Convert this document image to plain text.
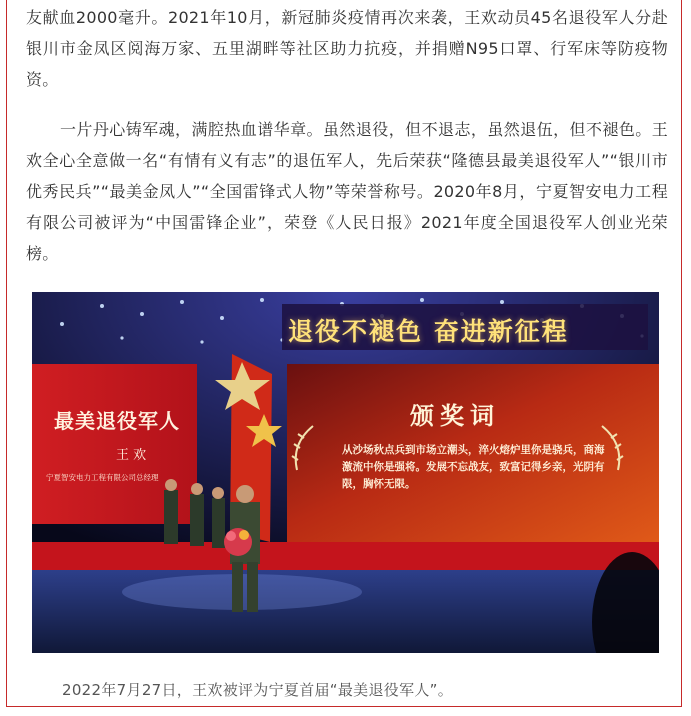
友献血2000毫升。2021年10月，新冠肺炎疫情再次来袭，王欢动员45名退役军人分赴银川市金凤区阅海万家、五里湖畔等社区助力抗疫，并捐赠N95口罩、行军床等防疫物资。

一片丹心铸军魂，满腔热血谱华章。虽然退役，但不退志，虽然退伍，但不褪色。王欢全心全意做一名“有情有义有志”的退伍军人，先后荣获“隆德县最美退役军人”“银川市优秀民兵”“最美金凤人”“全国雷锋式人物”等荣誉称号。2020年8月，宁夏智安电力工程有限公司被评为“中国雷锋企业”，荣登《人民日报》2021年度全国退役军人创业光荣榜。

退役不褪色 奋进新征程

最美退役军人

王 欢

宁夏智安电力工程有限公司总经理

颁奖词

从沙场秋点兵到市场立潮头，淬火熔炉里你是骁兵，商海激流中你是强将。发展不忘战友，致富记得乡亲，光阴有限，胸怀无限。

2022年7月27日，王欢被评为宁夏首届“最美退役军人”。
